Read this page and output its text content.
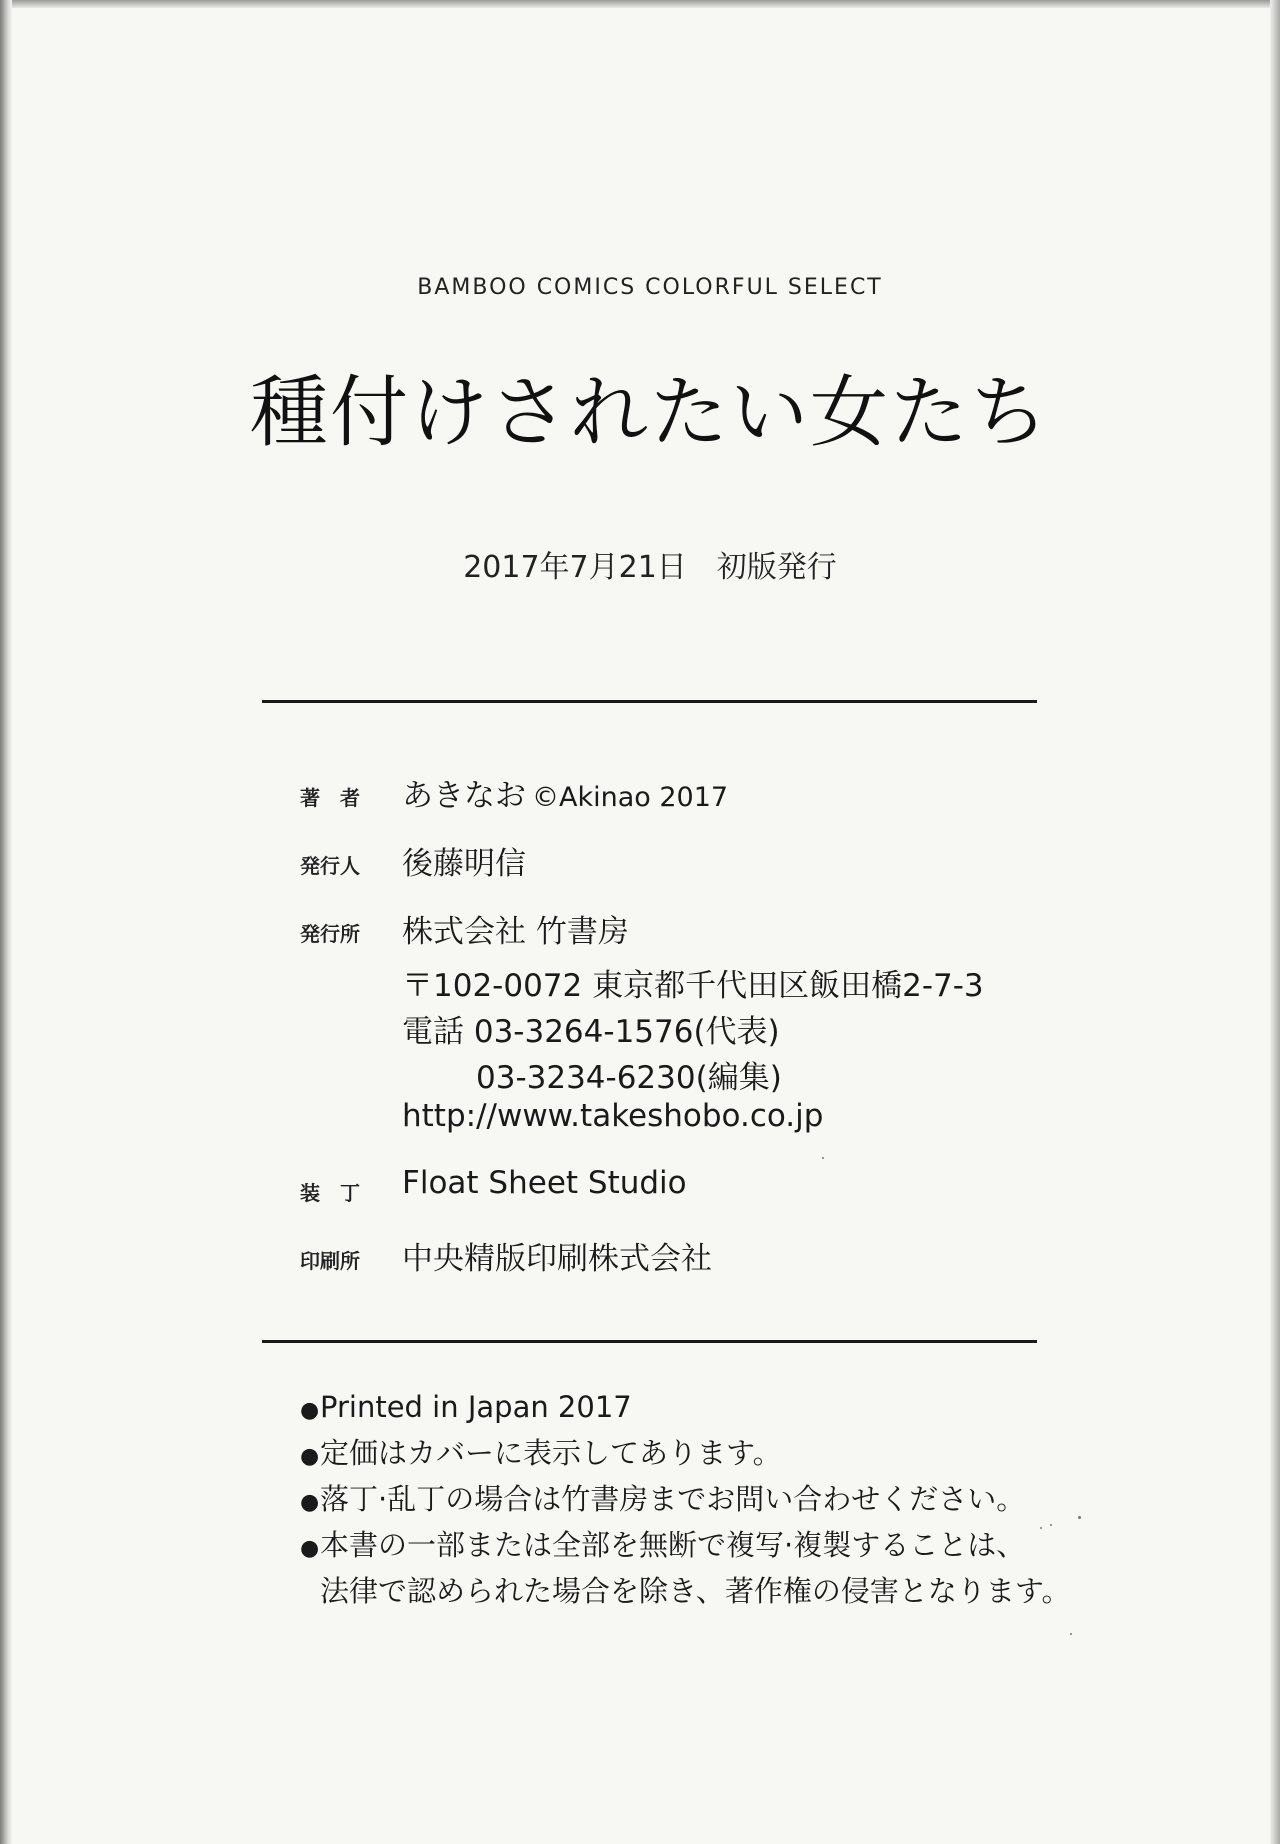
BAMBOO COMICS COLORFUL SELECT
種付けされたい女たち
2017年7月21日　初版発行
著　者 あきなお ©Akinao 2017
発行人 後藤明信
発行所 株式会社 竹書房
〒102-0072 東京都千代田区飯田橋2-7-3
電話 03-3264-1576(代表)
03-3234-6230(編集)
http://www.takeshobo.co.jp
装　丁 Float Sheet Studio
印刷所 中央精版印刷株式会社
●Printed in Japan 2017
●定価はカバーに表示してあります。
●落丁·乱丁の場合は竹書房までお問い合わせください。
●本書の一部または全部を無断で複写·複製することは、
法律で認められた場合を除き、著作権の侵害となります。
